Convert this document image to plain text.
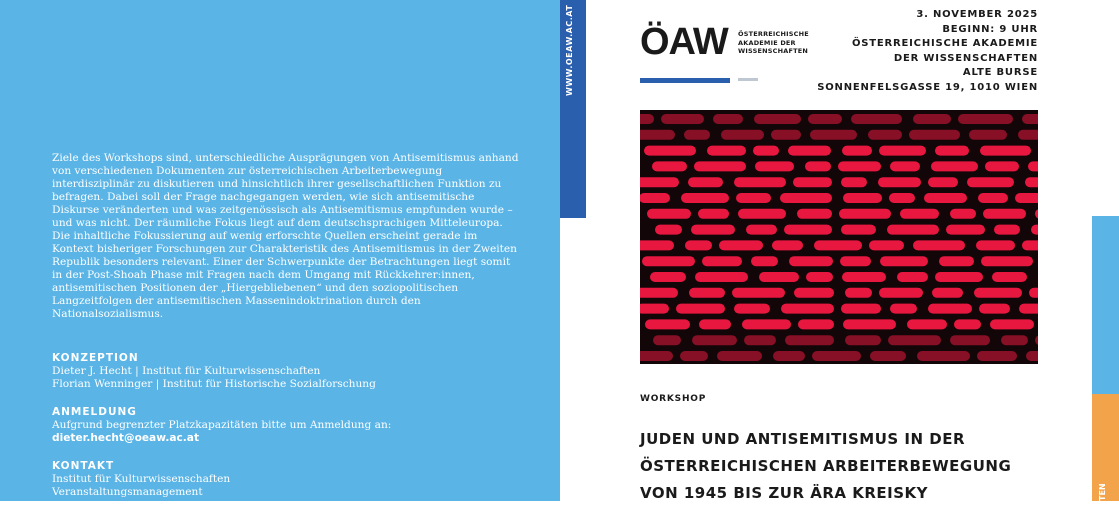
Ziele des Workshops sind, unterschiedliche Ausprägungen von Antisemitismus anhand von verschiedenen Dokumenten zur österreichischen Arbeiterbewegung interdisziplinär zu diskutieren und hinsichtlich ihrer gesellschaftlichen Funktion zu befragen. Dabei soll der Frage nachgegangen werden, wie sich antisemitische Diskurse veränderten und was zeitgenössisch als Antisemitismus empfunden wurde – und was nicht. Der räumliche Fokus liegt auf dem deutschsprachigen Mitteleuropa. Die inhaltliche Fokussierung auf wenig erforschte Quellen erscheint gerade im Kontext bisheriger Forschungen zur Charakteristik des Antisemitismus in der Zweiten Republik besonders relevant. Einer der Schwerpunkte der Betrachtungen liegt somit in der Post-Shoah Phase mit Fragen nach dem Umgang mit Rückkehrer:innen, antisemitischen Positionen der „Hiergebliebenen“ und den soziopolitischen Langzeitfolgen der antisemitischen Massenindoktrination durch den Nationalsozialismus.

KONZEPTION
Dieter J. Hecht | Institut für Kulturwissenschaften
Florian Wenninger | Institut für Historische Sozialforschung
ANMELDUNG
Aufgrund begrenzter Platzkapazitäten bitte um Anmeldung an:
dieter.hecht@oeaw.ac.at
KONTAKT
Institut für Kulturwissenschaften
Veranstaltungsmanagement
WWW.OEAW.AC.AT ÖAW ÖSTERREICHISCHE
AKADEMIE DER
WISSENSCHAFTEN
3. NOVEMBER 2025
BEGINN: 9 UHR
ÖSTERREICHISCHE AKADEMIE
DER WISSENSCHAFTEN
ALTE BURSE
SONNENFELSGASSE 19, 1010 WIEN
WORKSHOP
JUDEN UND ANTISEMITISMUS IN DER
ÖSTERREICHISCHEN ARBEITERBEWEGUNG
VON 1945 BIS ZUR ÄRA KREISKY	TEN
